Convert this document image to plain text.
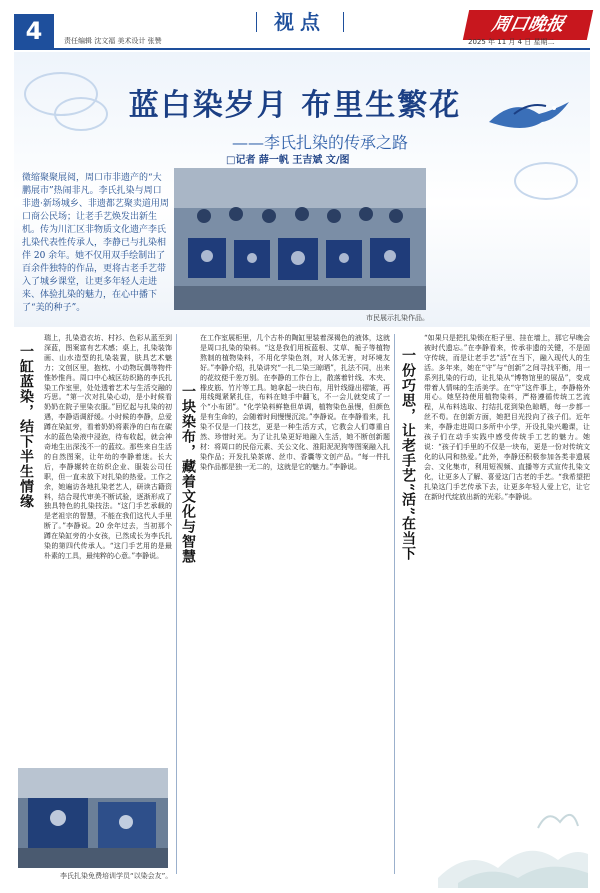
4	责任编辑 沈文福 美术设计 张赞
视点	周口晚报
2025 年 11 月 4 日 星期二
蓝白染岁月 布里生繁花
——李氏扎染的传承之路
□记者 薛一帆 王吉斌 文/图
微缩聚聚展阅，周口市非遗产的“大鹏展市”热闹非凡。李氏扎染与周口非遗·新场城乡、非遗都艺聚卖道用周口商公民场；让老手艺焕发出新生机。传为川汇区非物质文化遗产李氏扎染代表性传承人，李静已与扎染相伴 20 余年。她不仅用双手绘制出了百余件独特的作品，更将古老手艺带入了城乡课堂，让更多年轻人走进来、体验扎染的魅力，在心中播下了“美的种子”。
市民展示扎染作品。
一缸蓝染，结下半生情缘
瑞上，扎染造衣坊、村衫、色彩从蓝至到深蓝，图案富有艺术感；桌上，扎染装饰画、山水造型的扎染装置，肤具艺术魅力；文创区里，抱枕、小动物玩偶等物件惟妙惟肖。周口中心城区纺织路的李氏扎染工作室里，处处透着艺术与生活交融的巧思。“第一次对扎染心动，是小时候看奶奶在院子里染衣服。”回忆起与扎染的初遇，李静语调舒缓。小时候的李静，总爱蹲在染缸旁，看着奶奶将素净的白布在碳水的蓝色染液中浸泡，待布收起，就会神奇地生出深浅不一的蓝纹。那些来自生活的自然图案，让年幼的李静着迷。长大后，李静辗转在纺织企业、服装公司任职，但一直未放下对扎染的热爱。工作之余，她遍访各地扎染老艺人，研读古籍资料，结合现代审美不断试验，逐渐形成了独具特色的扎染技法。“这门手艺承载的是老祖宗的智慧，不能在我们这代人手里断了。”李静说。20 余年过去，当初那个蹲在染缸旁的小女孩，已然成长为李氏扎染的第四代传承人。“这门手艺用的是最朴素的工具，最纯粹的心意。”李静说。	一块染布，藏着文化与智慧
在工作室展柜里，几个古朴的陶缸里装着深褐色的液体，这就是周口扎染的染料。“这是我们用板蓝根、艾草、栀子等植物熬制的植物染料，不用化学染色剂，对人体无害，对环境友好。”李静介绍，扎染讲究“一扎二染三晾晒”，扎法不同，出来的花纹便千差万别。在李静的工作台上，散落着针线、木夹、橡皮筋、竹片等工具。她拿起一块白布，用针线缝出褶皱，再用线绳紧紧扎住，布料在她手中翻飞，不一会儿就变成了一个“小布团”。“化学染料鲜艳但单调，植物染色虽慢，但颜色是有生命的，会随着时间慢慢沉淀。”李静说。在李静看来，扎染不仅是一门技艺，更是一种生活方式，它教会人们尊重自然、珍惜时光。为了让扎染更好地融入生活，她不断创新题材：将周口的民俗元素、关公文化、淮阳泥泥狗等图案融入扎染作品；开发扎染茶席、丝巾、香囊等文创产品。“每一件扎染作品都是独一无二的，这就是它的魅力。”李静说。	一份巧思，让老手艺“活”在当下
“如果只是把扎染锁在柜子里、挂在墙上，那它早晚会被时代遗忘。”在李静看来，传承非遗的关键，不是固守传统，而是让老手艺“活”在当下，融入现代人的生活。多年来，她在“守”与“创新”之间寻找平衡，用一系列扎染的行动，让扎染从“博物馆里的展品”，变成带着人情味的生活美学。在“守”这件事上，李静格外用心。她坚持使用植物染料，严格遵循传统工艺流程，从布料选取、打结扎花到染色晾晒，每一步都一丝不苟。在创新方面，她把目光投向了孩子们。近年来，李静走进周口多所中小学，开设扎染兴趣课，让孩子们在动手实践中感受传统手工艺的魅力。她说：“孩子们手里的不仅是一块布，更是一份对传统文化的认同和热爱。”此外，李静还积极参加各类非遗展会、文化集市，利用短视频、直播等方式宣传扎染文化，让更多人了解、喜爱这门古老的手艺。“我希望把扎染这门手艺传承下去，让更多年轻人爱上它，让它在新时代绽放出新的光彩。”李静说。
李氏扎染免费培训学员“以染会友”。
